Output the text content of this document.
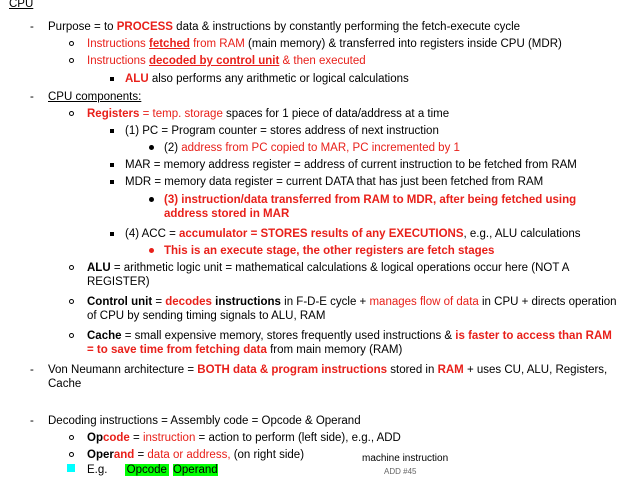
CPU
- Purpose = to PROCESS data & instructions by constantly performing the fetch-execute cycle
Instructions fetched from RAM (main memory) & transferred into registers inside CPU (MDR)
Instructions decoded by control unit & then executed
ALU also performs any arithmetic or logical calculations
- CPU components:
Registers = temp. storage spaces for 1 piece of data/address at a time
(1) PC = Program counter = stores address of next instruction
(2) address from PC copied to MAR, PC incremented by 1
MAR = memory address register = address of current instruction to be fetched from RAM
MDR = memory data register = current DATA that has just been fetched from RAM
(3) instruction/data transferred from RAM to MDR, after being fetched using address stored in MAR
(4) ACC = accumulator = STORES results of any EXECUTIONS, e.g., ALU calculations
This is an execute stage, the other registers are fetch stages
ALU = arithmetic logic unit = mathematical calculations & logical operations occur here (NOT A REGISTER)
Control unit = decodes instructions in F-D-E cycle + manages flow of data in CPU + directs operation of CPU by sending timing signals to ALU, RAM
Cache = small expensive memory, stores frequently used instructions & is faster to access than RAM = to save time from fetching data from main memory (RAM)
- Von Neumann architecture = BOTH data & program instructions stored in RAM + uses CU, ALU, Registers, Cache
- Decoding instructions = Assembly code = Opcode & Operand
Opcode = instruction = action to perform (left side), e.g., ADD
Operand = data or address, (on right side)	machine instruction
E.g. Opcode Operand	ADD #45
